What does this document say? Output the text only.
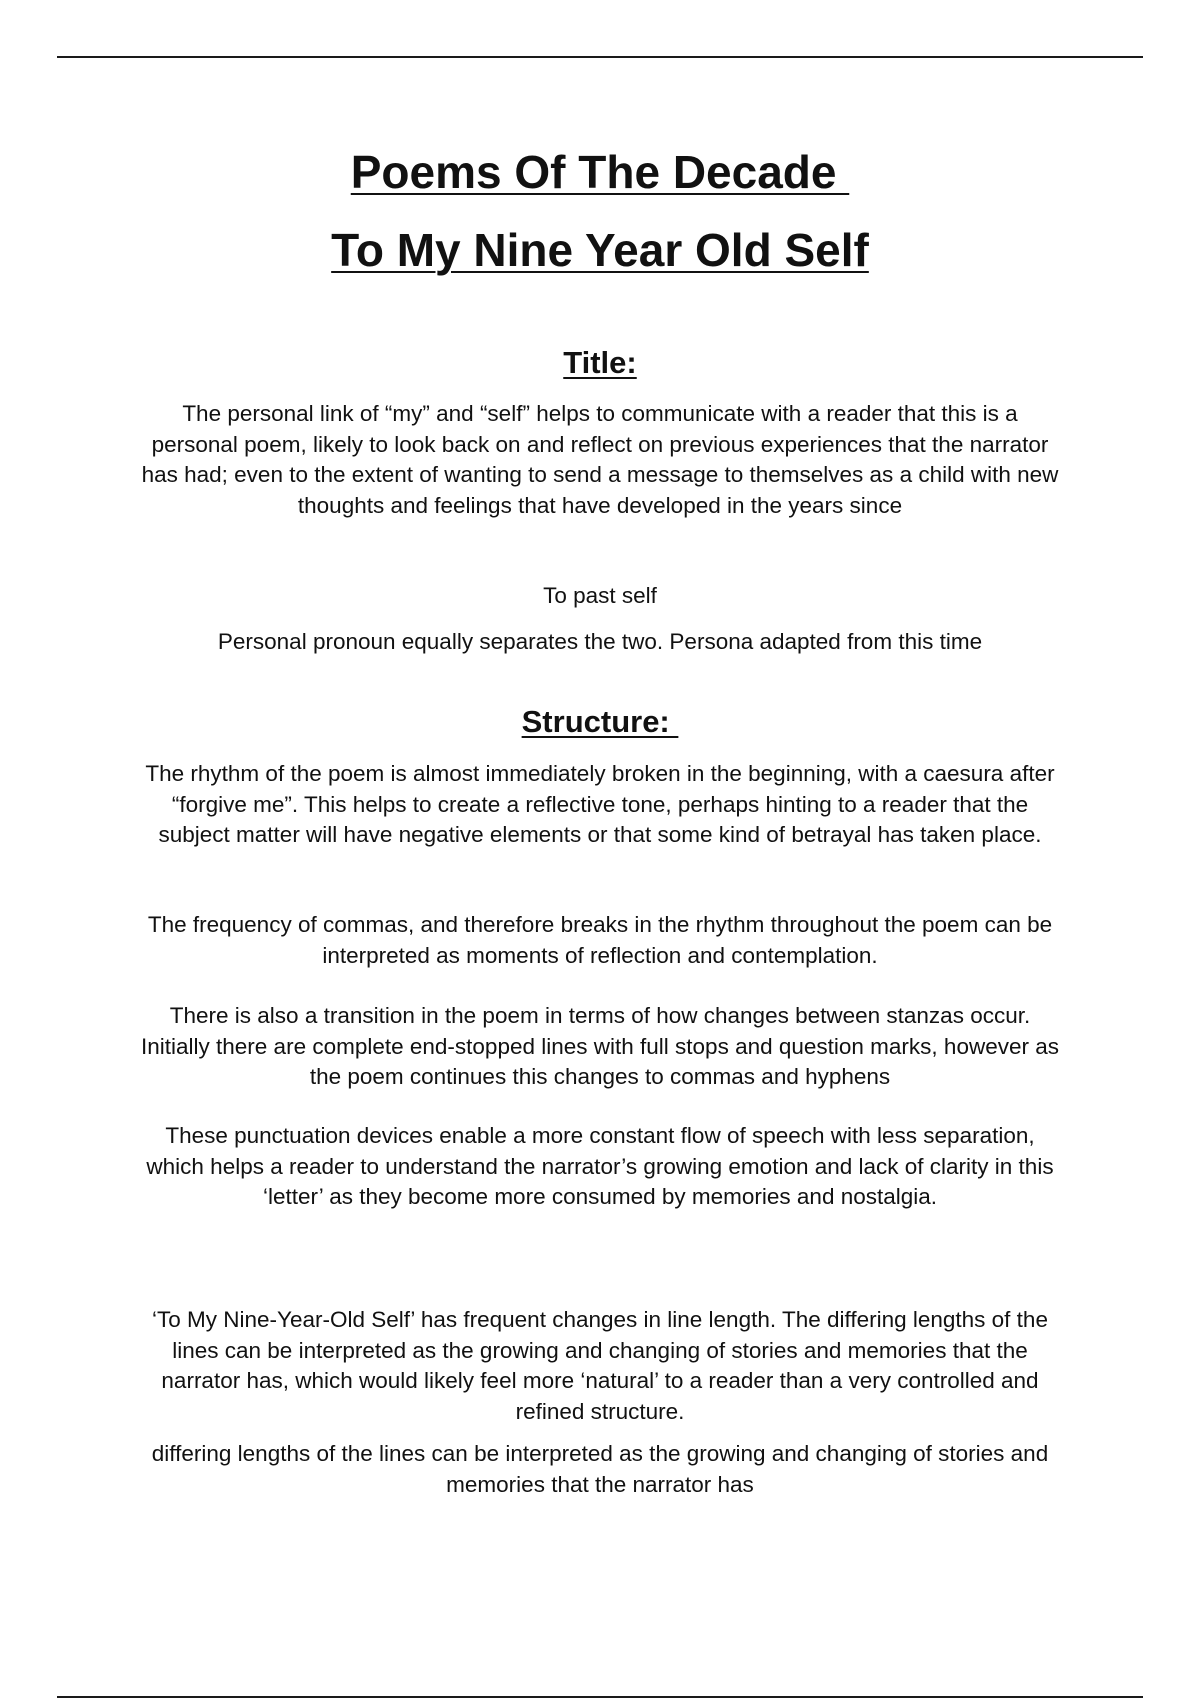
Poems Of The Decade
To My Nine Year Old Self
Title:

The personal link of “my” and “self” helps to communicate with a reader that this is a personal poem, likely to look back on and reflect on previous experiences that the narrator has had; even to the extent of wanting to send a message to themselves as a child with new thoughts and feelings that have developed in the years since

To past self

Personal pronoun equally separates the two. Persona adapted from this time

Structure:

The rhythm of the poem is almost immediately broken in the beginning, with a caesura after “forgive me”. This helps to create a reflective tone, perhaps hinting to a reader that the subject matter will have negative elements or that some kind of betrayal has taken place.

The frequency of commas, and therefore breaks in the rhythm throughout the poem can be interpreted as moments of reflection and contemplation.

There is also a transition in the poem in terms of how changes between stanzas occur. Initially there are complete end-stopped lines with full stops and question marks, however as the poem continues this changes to commas and hyphens

These punctuation devices enable a more constant flow of speech with less separation, which helps a reader to understand the narrator’s growing emotion and lack of clarity in this ‘letter’ as they become more consumed by memories and nostalgia.

‘To My Nine-Year-Old Self’ has frequent changes in line length. The differing lengths of the lines can be interpreted as the growing and changing of stories and memories that the narrator has, which would likely feel more ‘natural’ to a reader than a very controlled and refined structure.

differing lengths of the lines can be interpreted as the growing and changing of stories and memories that the narrator has
